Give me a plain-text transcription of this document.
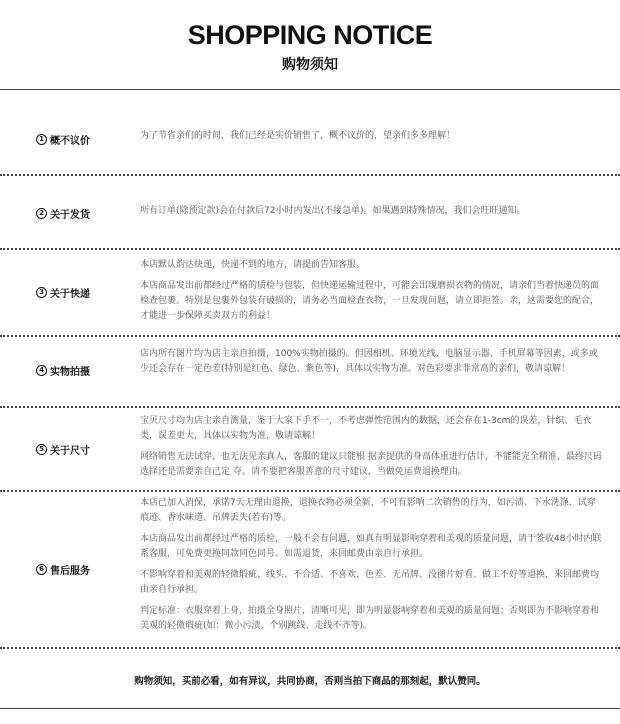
SHOPPING NOTICE
购物须知
1 概不议价	为了节省亲们的时间，我们已经是实价销售了，概不议价的，望亲们多多理解！

2 关于发货	所有订单(除预定款)会在付款后72小时内发出(不接急单)。如果遇到特殊情况，我们会旺旺通知。

3 关于快递

本店默认韵达快递，快递不到的地方，请提前告知客服。

本店商品发出前都经过严格的质检与包装，但快递运输过程中，可能会出现磨损衣物的情况，请亲们当着快递员的面检查包裹。特别是包裹外包装有破损的，请务必当面检查衣物，一旦发现问题，请立即拒签。亲，这需要您的配合，才能进一步保障买卖双方的利益！

4 实物拍摄

店内所有图片均为店主亲自拍摄，100%实物拍摄的。但因相机、环境光线、电脑显示器、手机屏幕等因素，或多或少还会存在一定色差(特别是红色、绿色、紫色等)，具体以实物为准。对色彩要求非常高的亲们，敬请谅解！

5 关于尺寸

宝贝尺寸均为店主亲自测量，鉴于大家下手不一，不考虑弹性范围内的数据，还会存在1-3cm的误差，针织、毛衣类，误差更大，具体以实物为准，敬请谅解！

网络销售无法试穿，也无法见亲真人，客服的建议只能根 据亲提供的身高体重进行估计，不能能完全精准，最终尺码选择还是需要亲自己定 夺。请不要把客服善意的尺寸建议，当做免运费退换理由。

6 售后服务

本店已加入消保，承诺7天无理由退换，退换衣物必须全新，不可有影响二次销售的行为，如污渍、下水洗涤、试穿痕迹、香水味道、吊牌丢失(若有)等。

本店商品发出前都经过严格的质检，一般不会有问题，如真有明显影响穿着和美观的质量问题，请于签收48小时内联系客服，可免费更换同款同色同号。如需退货，来回邮费由亲自行承担。

不影响穿着和美观的轻微瑕疵、线头、不合适、不喜欢、色差、无吊牌、没图片好看、做工不好等退换，来回邮费均由亲自行承担。

判定标准：衣服穿着上身，拍摄全身照片，清晰可见，即为明显影响穿着和美观的质量问题；否则即为不影响穿着和美观的轻微瑕疵(如：微小污渍、个别跳线、走线不齐等)。

购物须知，买前必看，如有异议，共同协商，否则当拍下商品的那刻起，默认赞同。
